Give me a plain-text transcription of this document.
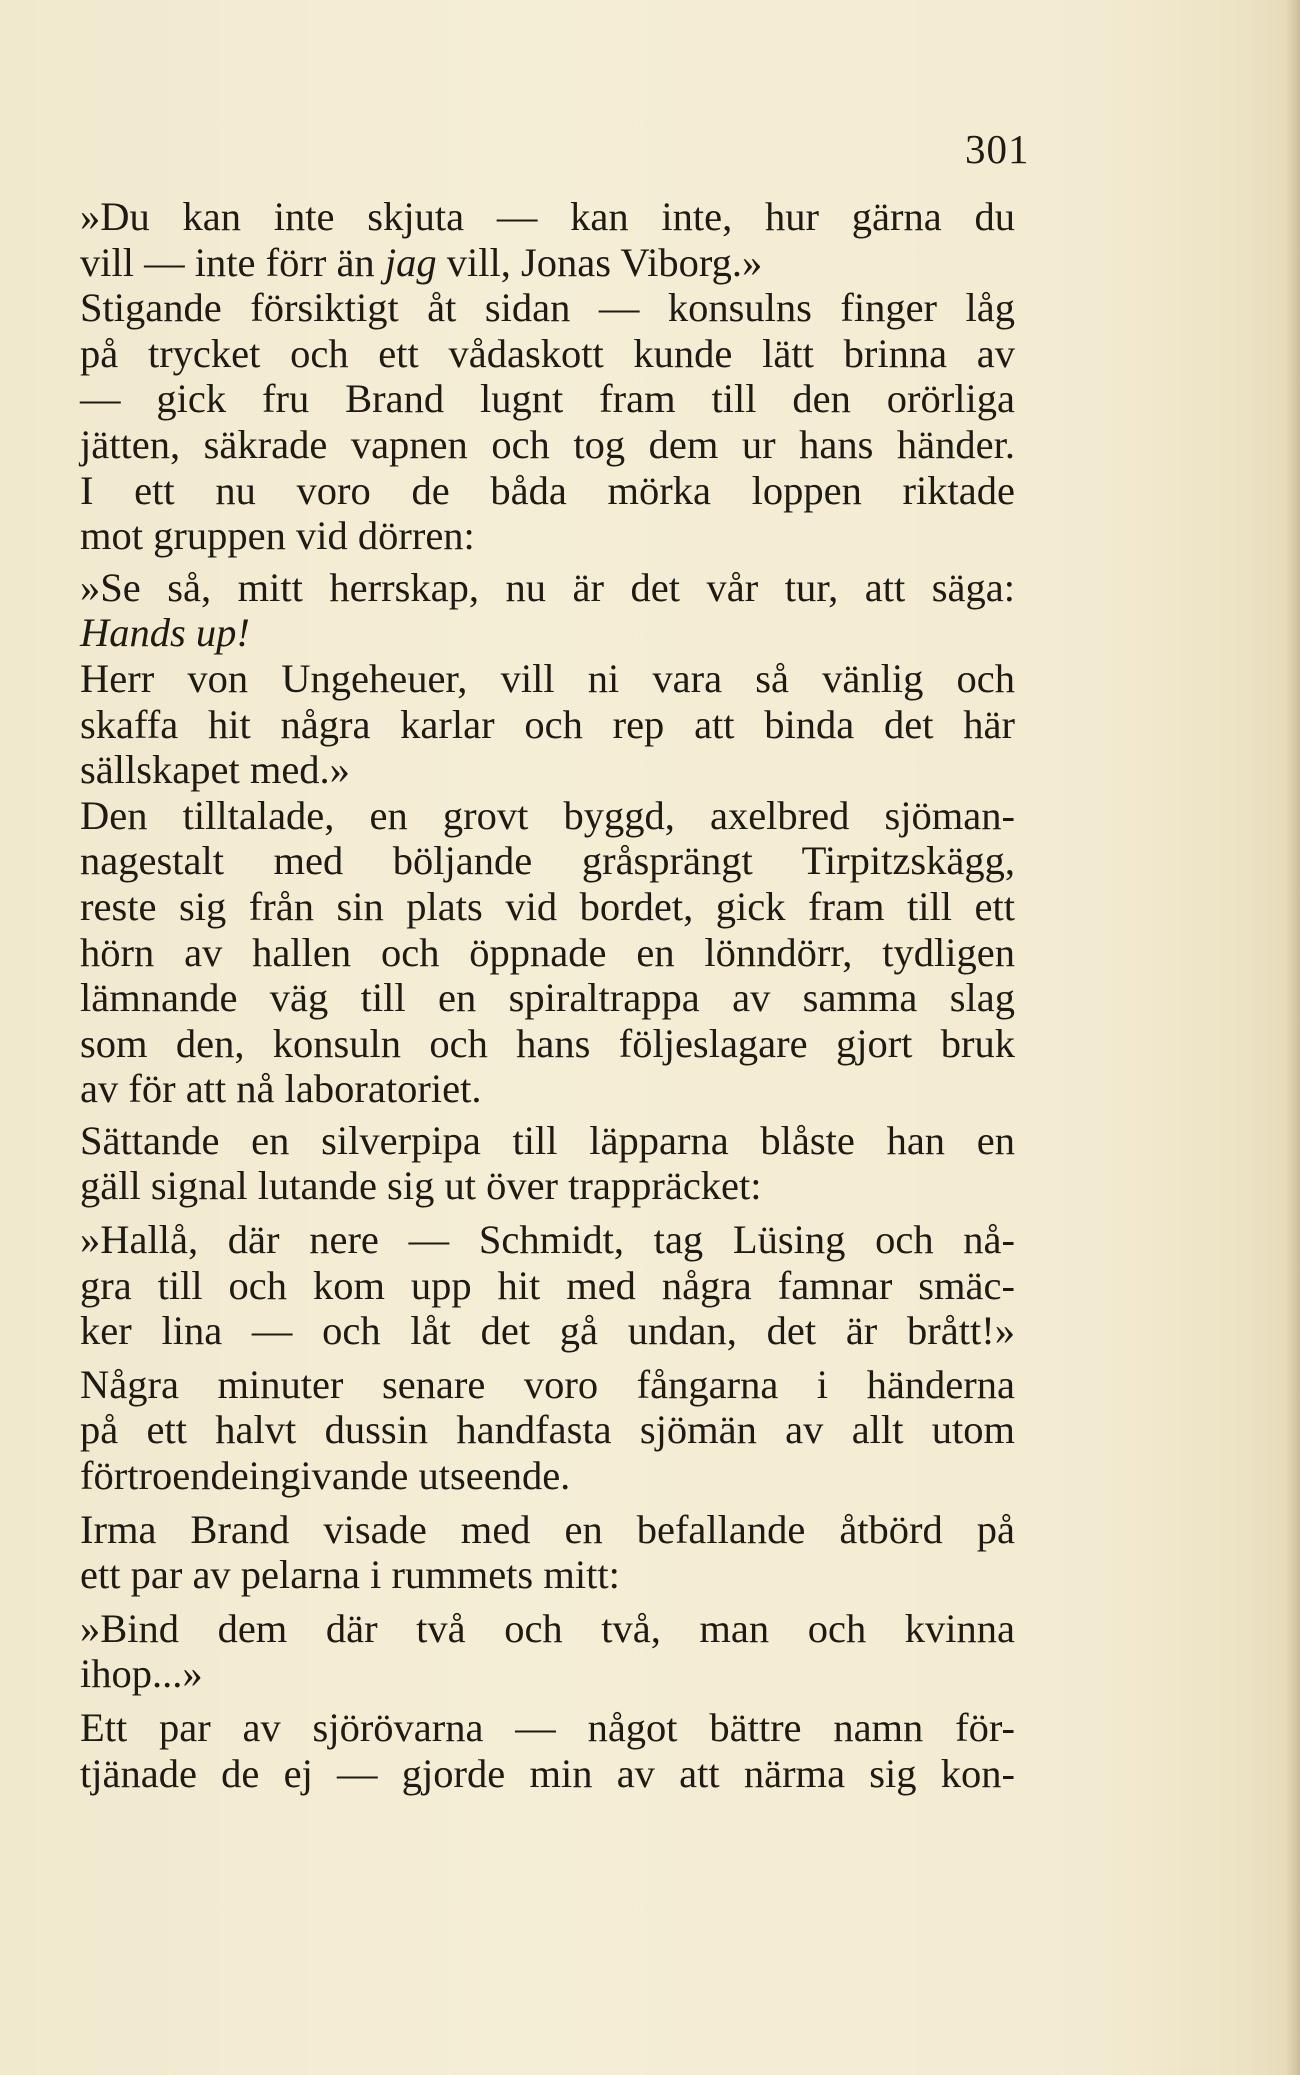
301
»Du kan inte skjuta — kan inte, hur gärna du
vill — inte förr än jag vill, Jonas Viborg.»
Stigande försiktigt åt sidan — konsulns finger låg
på trycket och ett vådaskott kunde lätt brinna av
— gick fru Brand lugnt fram till den orörliga
jätten, säkrade vapnen och tog dem ur hans händer.
I ett nu voro de båda mörka loppen riktade
mot gruppen vid dörren:
»Se så, mitt herrskap, nu är det vår tur, att säga:
Hands up!
Herr von Ungeheuer, vill ni vara så vänlig och
skaffa hit några karlar och rep att binda det här
sällskapet med.»
Den tilltalade, en grovt byggd, axelbred sjöman-
nagestalt med böljande gråsprängt Tirpitzskägg,
reste sig från sin plats vid bordet, gick fram till ett
hörn av hallen och öppnade en lönndörr, tydligen
lämnande väg till en spiraltrappa av samma slag
som den, konsuln och hans följeslagare gjort bruk
av för att nå laboratoriet.
Sättande en silverpipa till läpparna blåste han en
gäll signal lutande sig ut över trappräcket:
»Hallå, där nere — Schmidt, tag Lüsing och nå-
gra till och kom upp hit med några famnar smäc-
ker lina — och låt det gå undan, det är brått!»
Några minuter senare voro fångarna i händerna
på ett halvt dussin handfasta sjömän av allt utom
förtroendeingivande utseende.
Irma Brand visade med en befallande åtbörd på
ett par av pelarna i rummets mitt:
»Bind dem där två och två, man och kvinna
ihop...»
Ett par av sjörövarna — något bättre namn för-
tjänade de ej — gjorde min av att närma sig kon-
